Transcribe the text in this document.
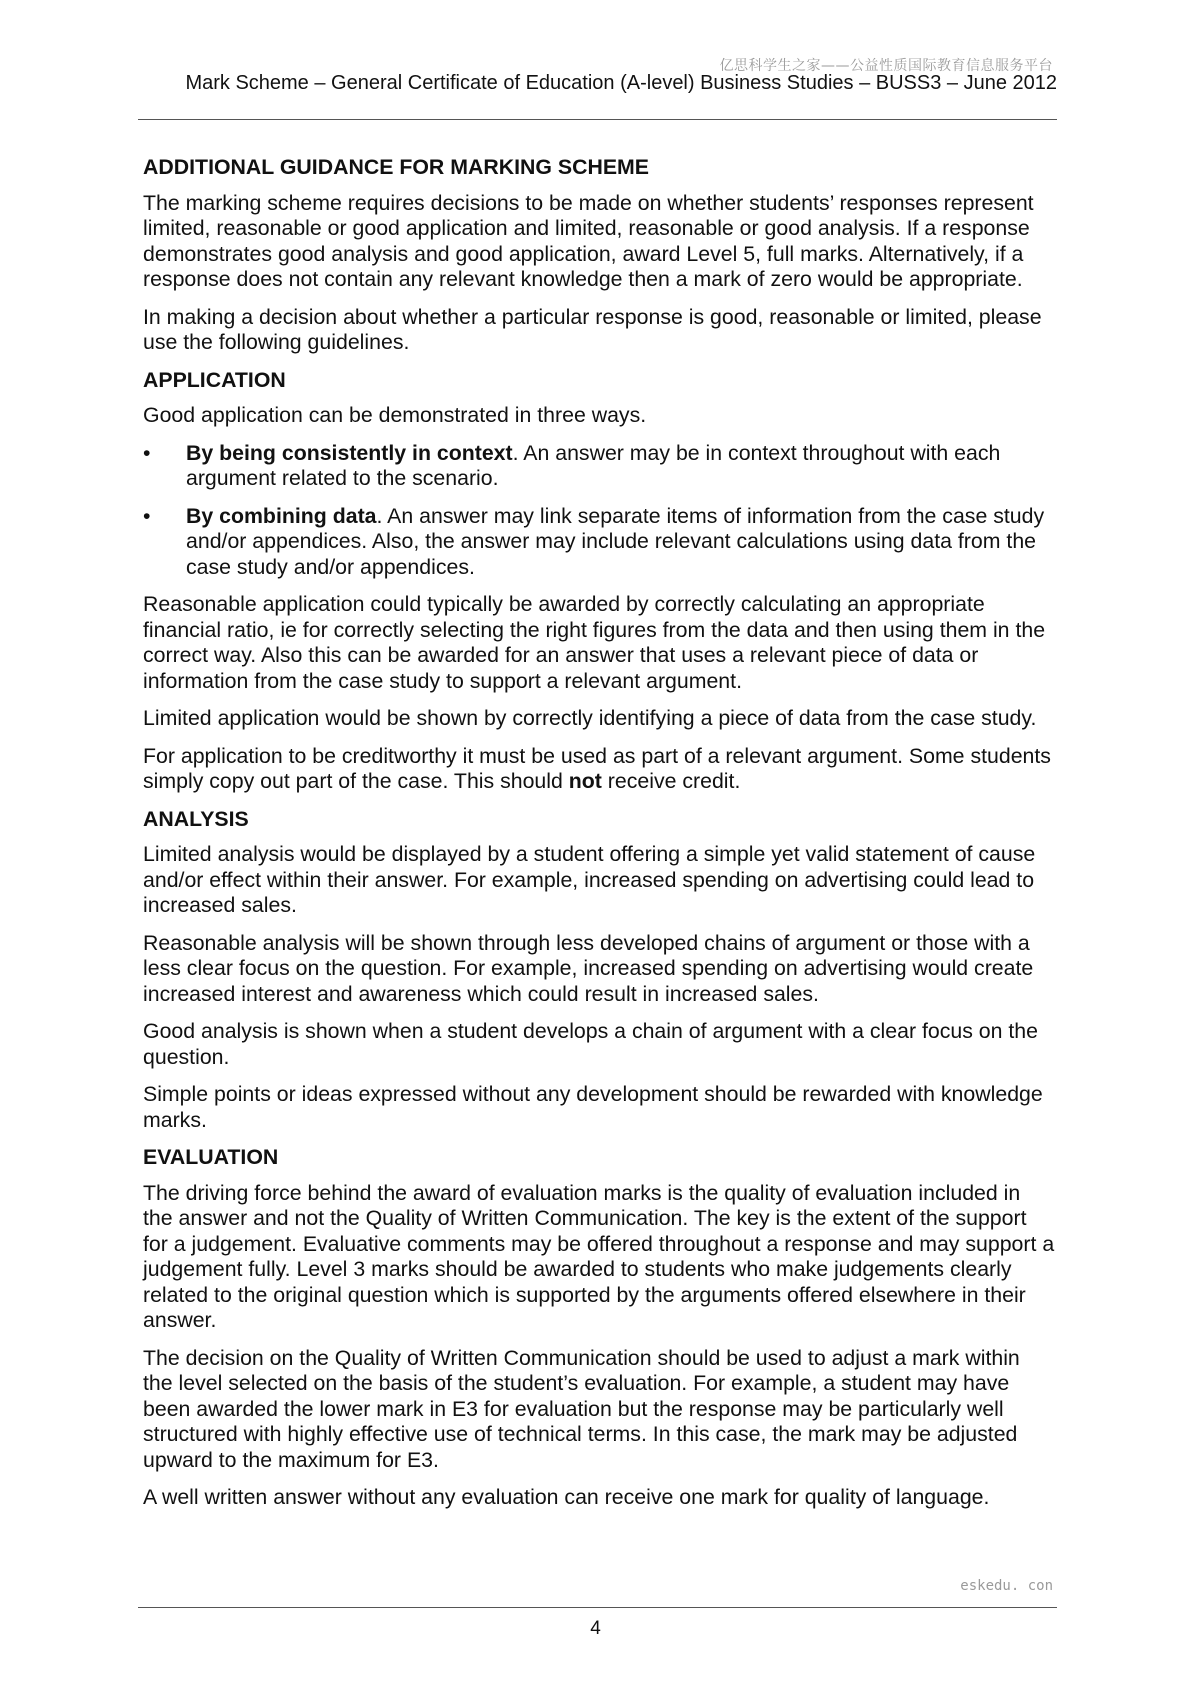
亿思科学生之家——公益性质国际教育信息服务平台
Mark Scheme – General Certificate of Education (A-level) Business Studies – BUSS3 – June 2012
ADDITIONAL GUIDANCE FOR MARKING SCHEME

The marking scheme requires decisions to be made on whether students’ responses represent limited, reasonable or good application and limited, reasonable or good analysis. If a response demonstrates good analysis and good application, award Level 5, full marks. Alternatively, if a response does not contain any relevant knowledge then a mark of zero would be appropriate.

In making a decision about whether a particular response is good, reasonable or limited, please use the following guidelines.

APPLICATION

Good application can be demonstrated in three ways.

• By being consistently in context. An answer may be in context throughout with each argument related to the scenario.
• By combining data. An answer may link separate items of information from the case study and/or appendices. Also, the answer may include relevant calculations using data from the case study and/or appendices.

Reasonable application could typically be awarded by correctly calculating an appropriate financial ratio, ie for correctly selecting the right figures from the data and then using them in the correct way. Also this can be awarded for an answer that uses a relevant piece of data or information from the case study to support a relevant argument.

Limited application would be shown by correctly identifying a piece of data from the case study.

For application to be creditworthy it must be used as part of a relevant argument. Some students simply copy out part of the case. This should not receive credit.

ANALYSIS

Limited analysis would be displayed by a student offering a simple yet valid statement of cause and/or effect within their answer. For example, increased spending on advertising could lead to increased sales.

Reasonable analysis will be shown through less developed chains of argument or those with a less clear focus on the question. For example, increased spending on advertising would create increased interest and awareness which could result in increased sales.

Good analysis is shown when a student develops a chain of argument with a clear focus on the question.

Simple points or ideas expressed without any development should be rewarded with knowledge marks.

EVALUATION

The driving force behind the award of evaluation marks is the quality of evaluation included in the answer and not the Quality of Written Communication. The key is the extent of the support for a judgement. Evaluative comments may be offered throughout a response and may support a judgement fully. Level 3 marks should be awarded to students who make judgements clearly related to the original question which is supported by the arguments offered elsewhere in their answer.

The decision on the Quality of Written Communication should be used to adjust a mark within the level selected on the basis of the student’s evaluation. For example, a student may have been awarded the lower mark in E3 for evaluation but the response may be particularly well structured with highly effective use of technical terms. In this case, the mark may be adjusted upward to the maximum for E3.

A well written answer without any evaluation can receive one mark for quality of language.

eskedu. con
4
